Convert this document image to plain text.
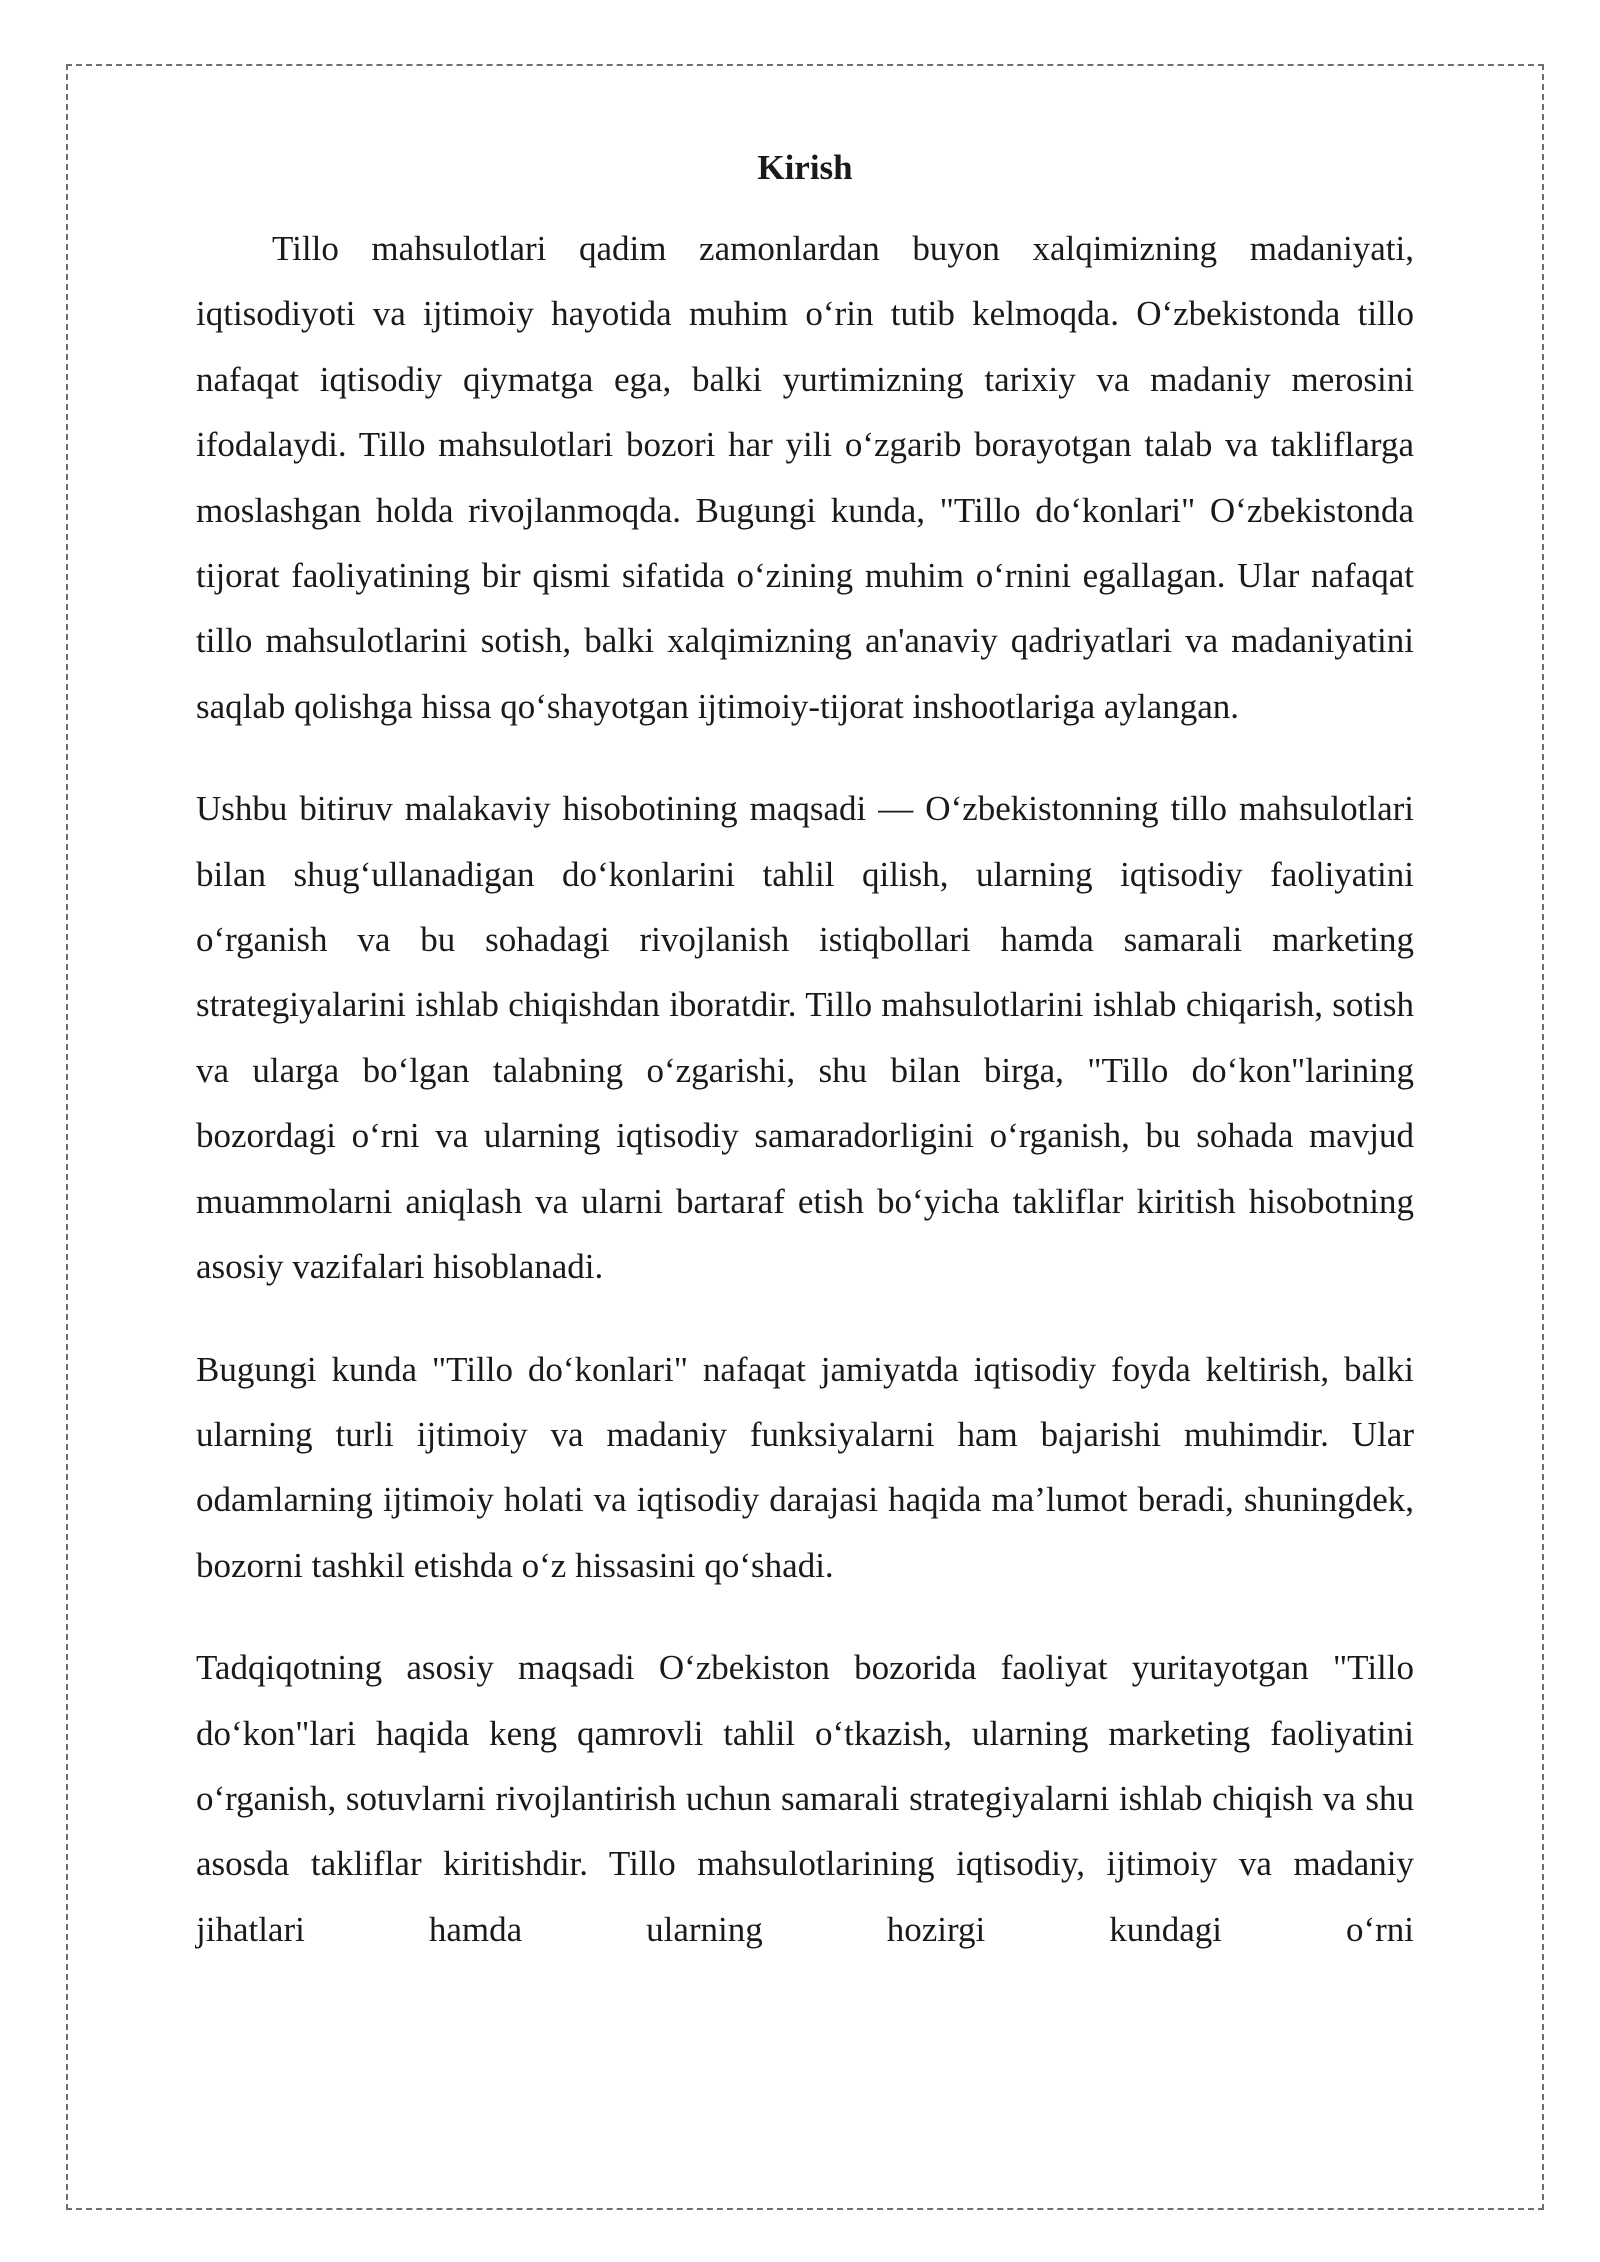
Kirish

Tillo mahsulotlari qadim zamonlardan buyon xalqimizning madaniyati, iqtisodiyoti va ijtimoiy hayotida muhim o‘rin tutib kelmoqda. O‘zbekistonda tillo nafaqat iqtisodiy qiymatga ega, balki yurtimizning tarixiy va madaniy merosini ifodalaydi. Tillo mahsulotlari bozori har yili o‘zgarib borayotgan talab va takliflarga moslashgan holda rivojlanmoqda. Bugungi kunda, "Tillo do‘konlari" O‘zbekistonda tijorat faoliyatining bir qismi sifatida o‘zining muhim o‘rnini egallagan. Ular nafaqat tillo mahsulotlarini sotish, balki xalqimizning an'anaviy qadriyatlari va madaniyatini saqlab qolishga hissa qo‘shayotgan ijtimoiy-tijorat inshootlariga aylangan.

Ushbu bitiruv malakaviy hisobotining maqsadi — O‘zbekistonning tillo mahsulotlari bilan shug‘ullanadigan do‘konlarini tahlil qilish, ularning iqtisodiy faoliyatini o‘rganish va bu sohadagi rivojlanish istiqbollari hamda samarali marketing strategiyalarini ishlab chiqishdan iboratdir. Tillo mahsulotlarini ishlab chiqarish, sotish va ularga bo‘lgan talabning o‘zgarishi, shu bilan birga, "Tillo do‘kon"larining bozordagi o‘rni va ularning iqtisodiy samaradorligini o‘rganish, bu sohada mavjud muammolarni aniqlash va ularni bartaraf etish bo‘yicha takliflar kiritish hisobotning asosiy vazifalari hisoblanadi.

Bugungi kunda "Tillo do‘konlari" nafaqat jamiyatda iqtisodiy foyda keltirish, balki ularning turli ijtimoiy va madaniy funksiyalarni ham bajarishi muhimdir. Ular odamlarning ijtimoiy holati va iqtisodiy darajasi haqida ma’lumot beradi, shuningdek, bozorni tashkil etishda o‘z hissasini qo‘shadi.

Tadqiqotning asosiy maqsadi O‘zbekiston bozorida faoliyat yuritayotgan "Tillo do‘kon"lari haqida keng qamrovli tahlil o‘tkazish, ularning marketing faoliyatini o‘rganish, sotuvlarni rivojlantirish uchun samarali strategiyalarni ishlab chiqish va shu asosda takliflar kiritishdir. Tillo mahsulotlarining iqtisodiy, ijtimoiy va madaniy jihatlari hamda ularning hozirgi kundagi o‘rni
